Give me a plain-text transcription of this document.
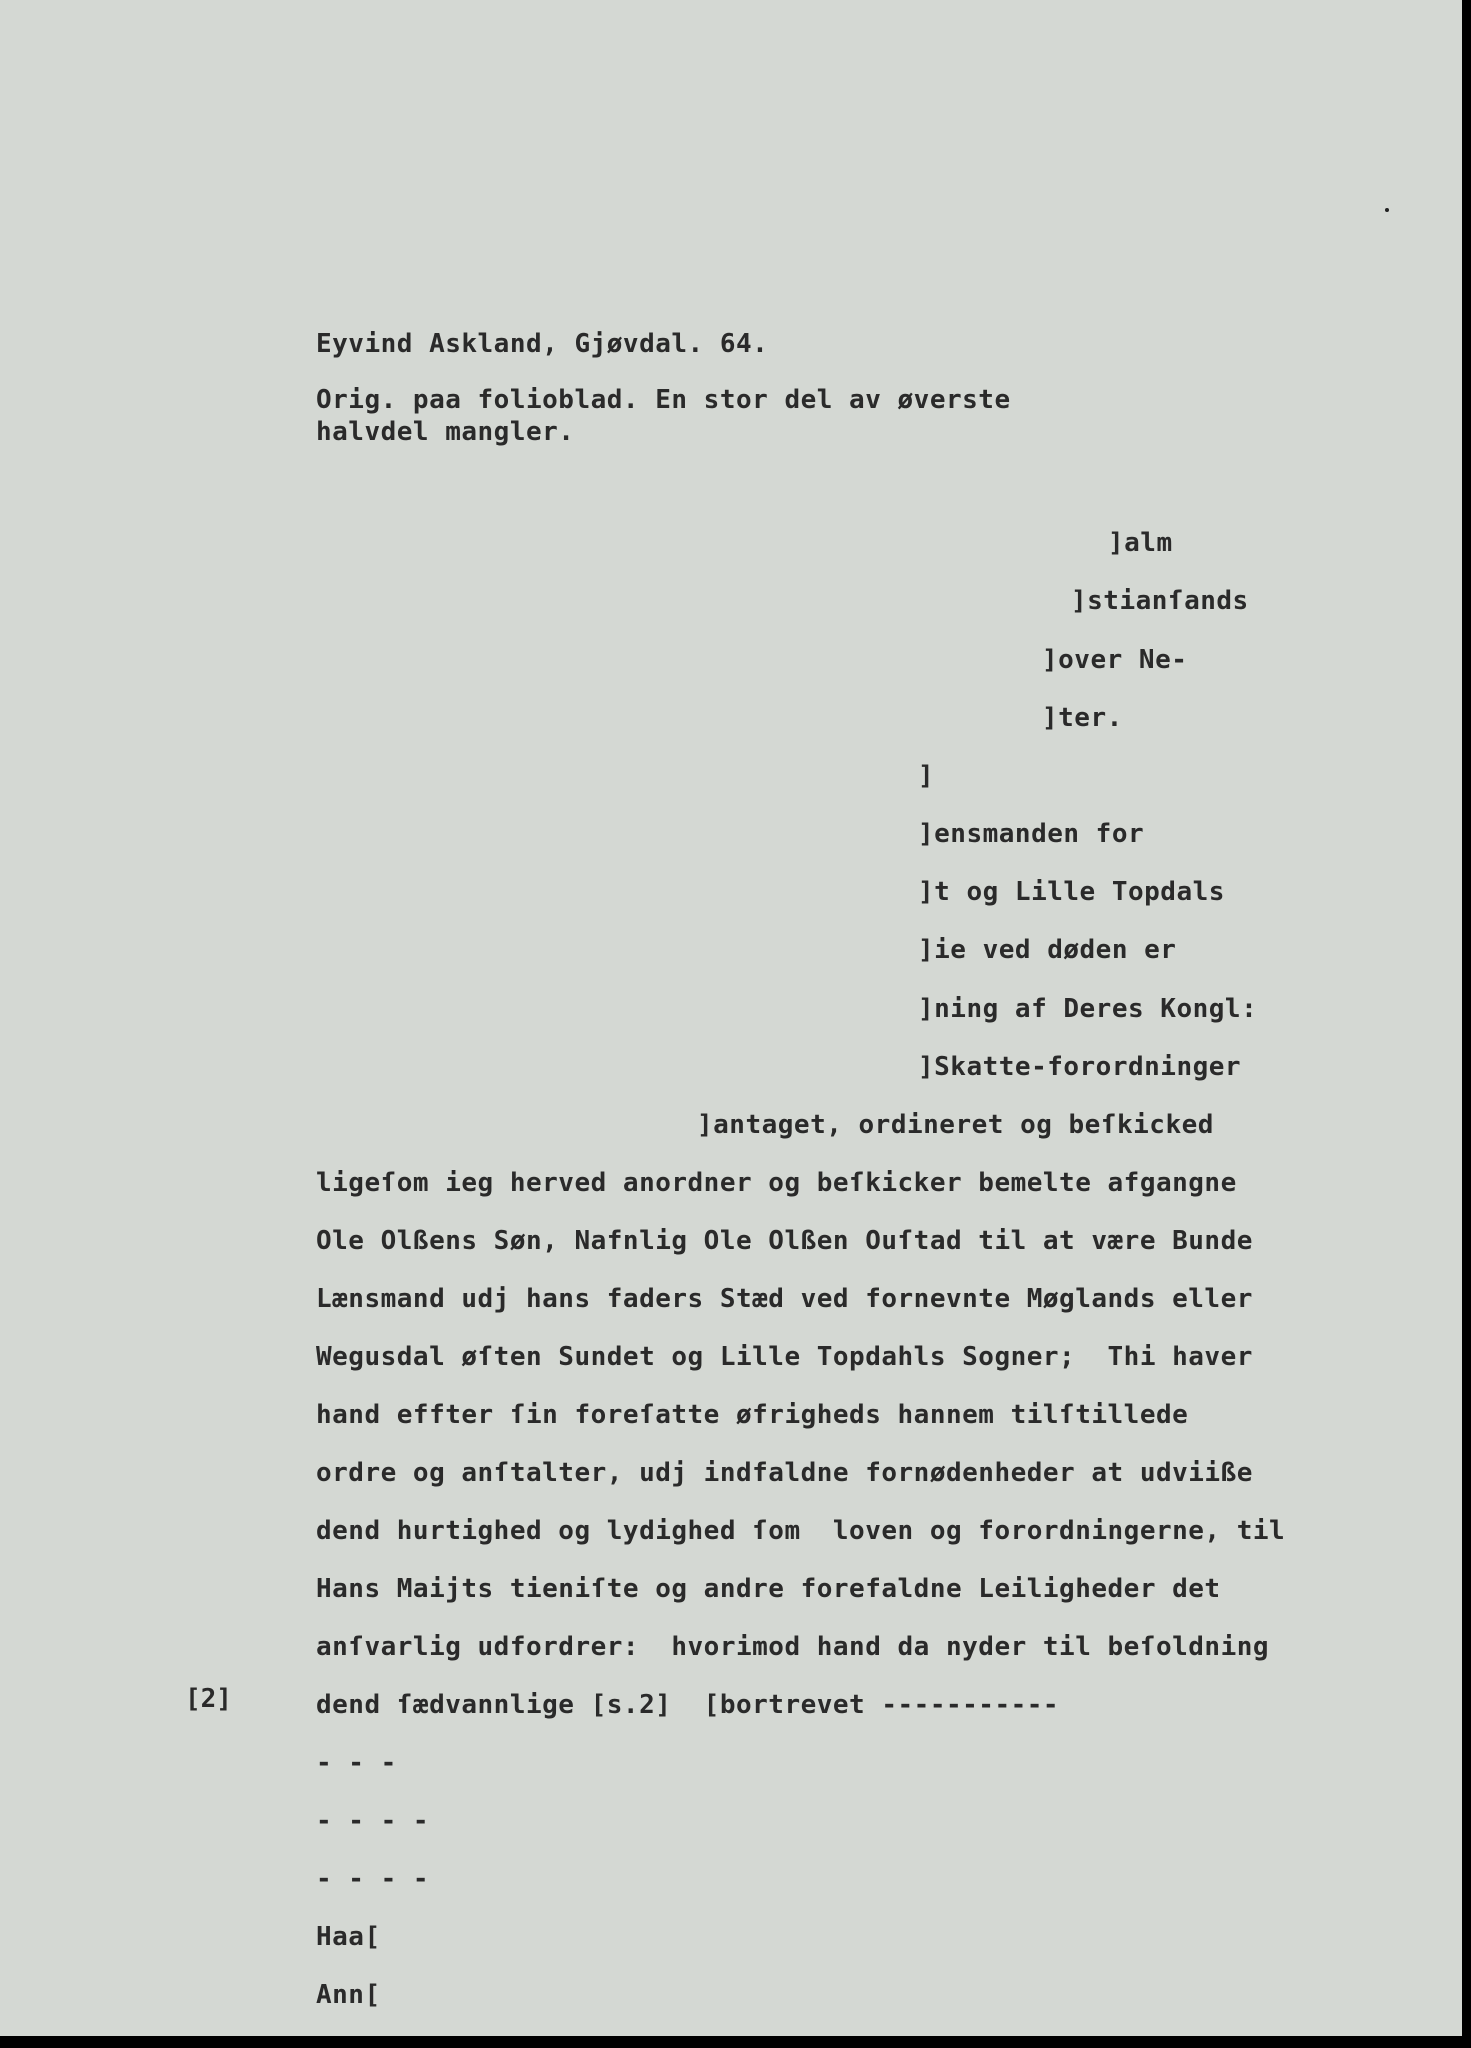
Eyvind Askland, Gjøvdal. 64.

Orig. paa folioblad. En stor del av øverste

halvdel mangler.

]alm

]stianſands

]over Ne-

]ter.

]

]ensmanden for

]t og Lille Topdals

]ie ved døden er

]ning af Deres Kongl:

]Skatte-forordninger

]antaget, ordineret og beſkicked

ligeſom ieg herved anordner og beſkicker bemelte afgangne

Ole Olßens Søn, Nafnlig Ole Olßen Ouſtad til at være Bunde

Lænsmand udj hans faders Stæd ved fornevnte Møglands eller

Wegusdal øſten Sundet og Lille Topdahls Sogner;  Thi haver

hand effter ſin foreſatte øfrigheds hannem tilſtillede

ordre og anſtalter, udj indfaldne fornødenheder at udviiße

dend hurtighed og lydighed ſom  loven og forordningerne, til

Hans Maijts tieniſte og andre forefaldne Leiligheder det

anſvarlig udfordrer:  hvorimod hand da nyder til beſoldning

dend ſædvannlige [s.2]  [bortrevet -----------

[2]

- - -

- - - -

- - - -

Haa[

Ann[
